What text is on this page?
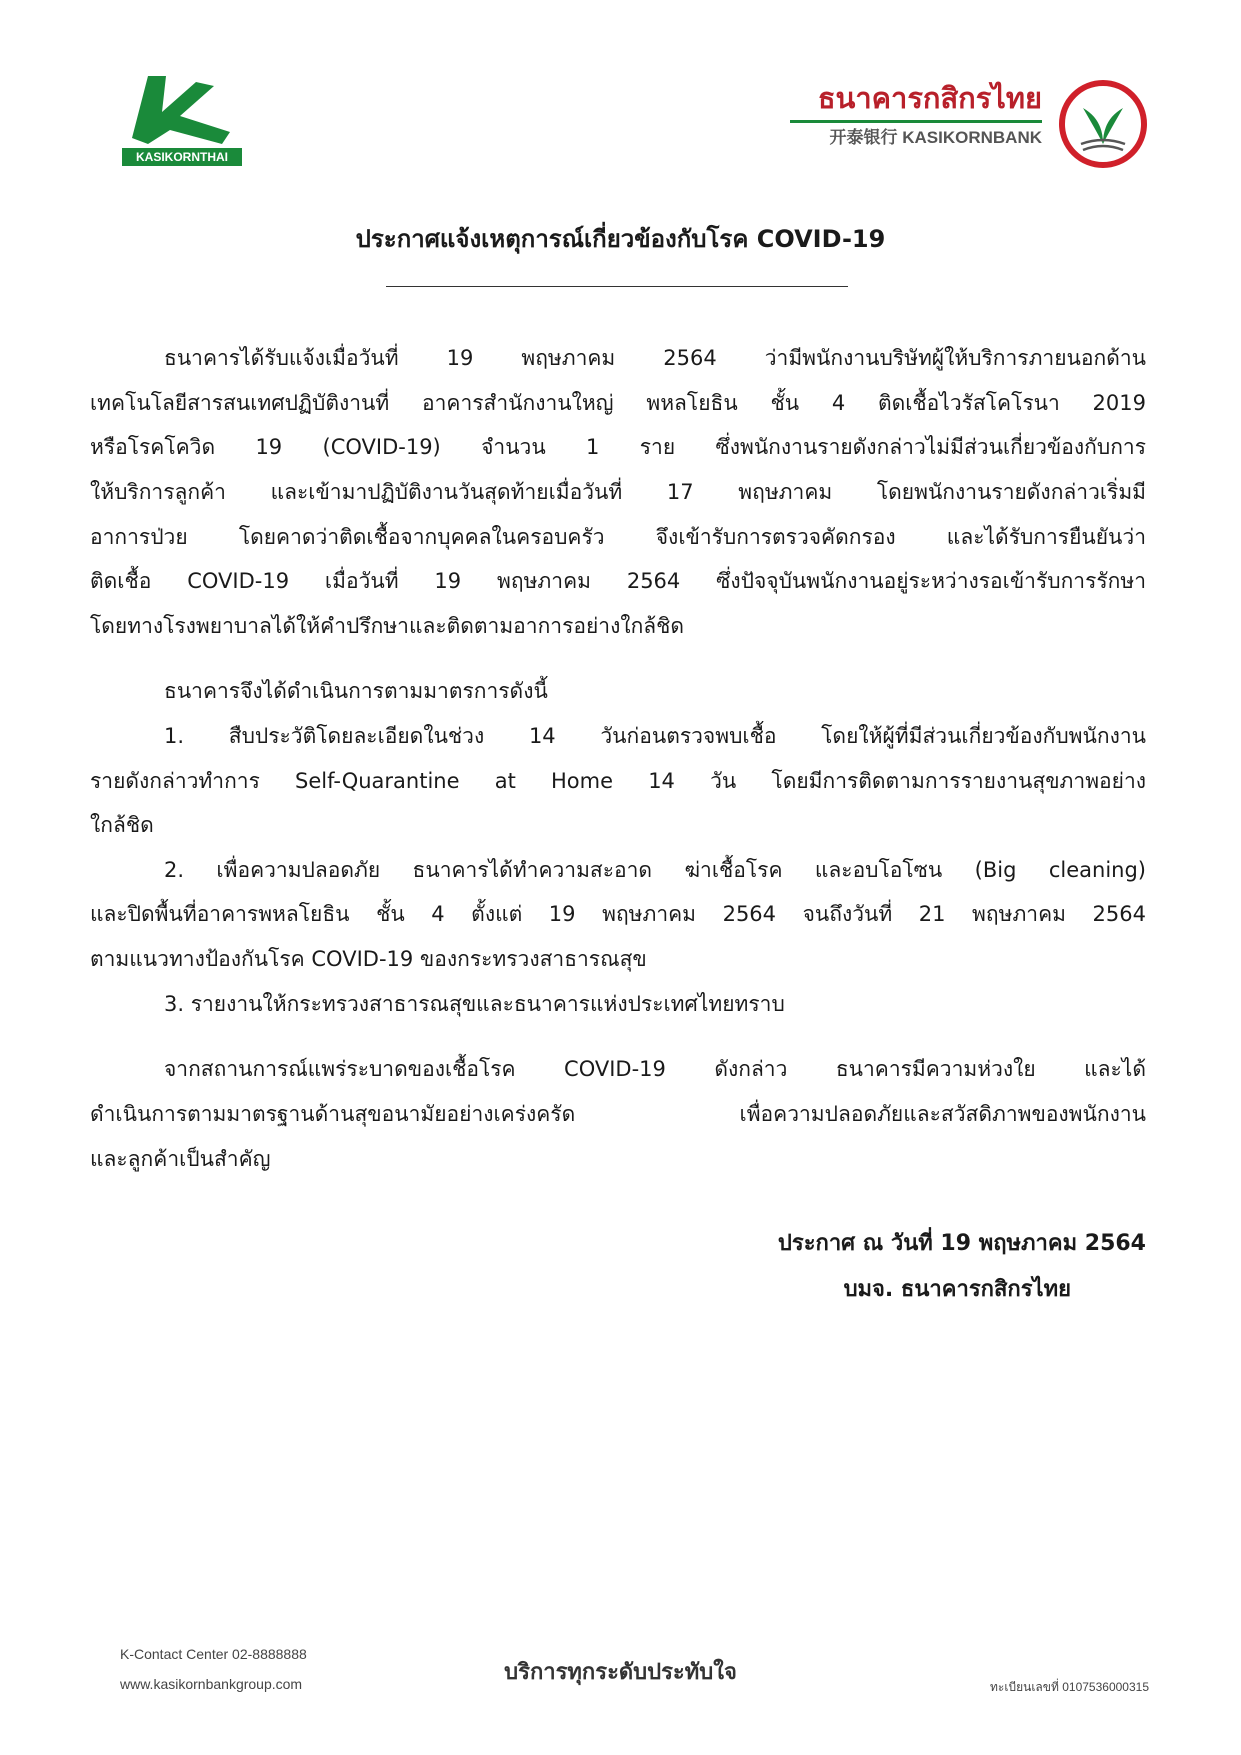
KASIKORNTHAI
ธนาคารกสิกรไทย
开泰银行 KASIKORNBANK
ประกาศแจ้งเหตุการณ์เกี่ยวข้องกับโรค COVID-19

ธนาคารได้รับแจ้งเมื่อวันที่ 19 พฤษภาคม 2564 ว่ามีพนักงานบริษัทผู้ให้บริการภายนอกด้าน

เทคโนโลยีสารสนเทศปฏิบัติงานที่ อาคารสำนักงานใหญ่ พหลโยธิน ชั้น 4 ติดเชื้อไวรัสโคโรนา 2019

หรือโรคโควิด 19 (COVID-19) จำนวน 1 ราย ซึ่งพนักงานรายดังกล่าวไม่มีส่วนเกี่ยวข้องกับการ

ให้บริการลูกค้า และเข้ามาปฏิบัติงานวันสุดท้ายเมื่อวันที่ 17 พฤษภาคม โดยพนักงานรายดังกล่าวเริ่มมี

อาการป่วย โดยคาดว่าติดเชื้อจากบุคคลในครอบครัว จึงเข้ารับการตรวจคัดกรอง และได้รับการยืนยันว่า

ติดเชื้อ COVID-19 เมื่อวันที่ 19 พฤษภาคม 2564 ซึ่งปัจจุบันพนักงานอยู่ระหว่างรอเข้ารับการรักษา

โดยทางโรงพยาบาลได้ให้คำปรึกษาและติดตามอาการอย่างใกล้ชิด

ธนาคารจึงได้ดำเนินการตามมาตรการดังนี้

1. สืบประวัติโดยละเอียดในช่วง 14 วันก่อนตรวจพบเชื้อ โดยให้ผู้ที่มีส่วนเกี่ยวข้องกับพนักงาน

รายดังกล่าวทำการ Self-Quarantine at Home 14 วัน โดยมีการติดตามการรายงานสุขภาพอย่าง

ใกล้ชิด

2. เพื่อความปลอดภัย ธนาคารได้ทำความสะอาด ฆ่าเชื้อโรค และอบโอโซน (Big cleaning)

และปิดพื้นที่อาคารพหลโยธิน ชั้น 4 ตั้งแต่ 19 พฤษภาคม 2564 จนถึงวันที่ 21 พฤษภาคม 2564

ตามแนวทางป้องกันโรค COVID-19 ของกระทรวงสาธารณสุข

3. รายงานให้กระทรวงสาธารณสุขและธนาคารแห่งประเทศไทยทราบ

จากสถานการณ์แพร่ระบาดของเชื้อโรค COVID-19 ดังกล่าว ธนาคารมีความห่วงใย และได้

ดำเนินการตามมาตรฐานด้านสุขอนามัยอย่างเคร่งครัด เพื่อความปลอดภัยและสวัสดิภาพของพนักงาน

และลูกค้าเป็นสำคัญ

ประกาศ ณ วันที่ 19 พฤษภาคม 2564
บมจ. ธนาคารกสิกรไทย
K-Contact Center 02-8888888
www.kasikornbankgroup.com	บริการทุกระดับประทับใจ
ทะเบียนเลขที่ 0107536000315
